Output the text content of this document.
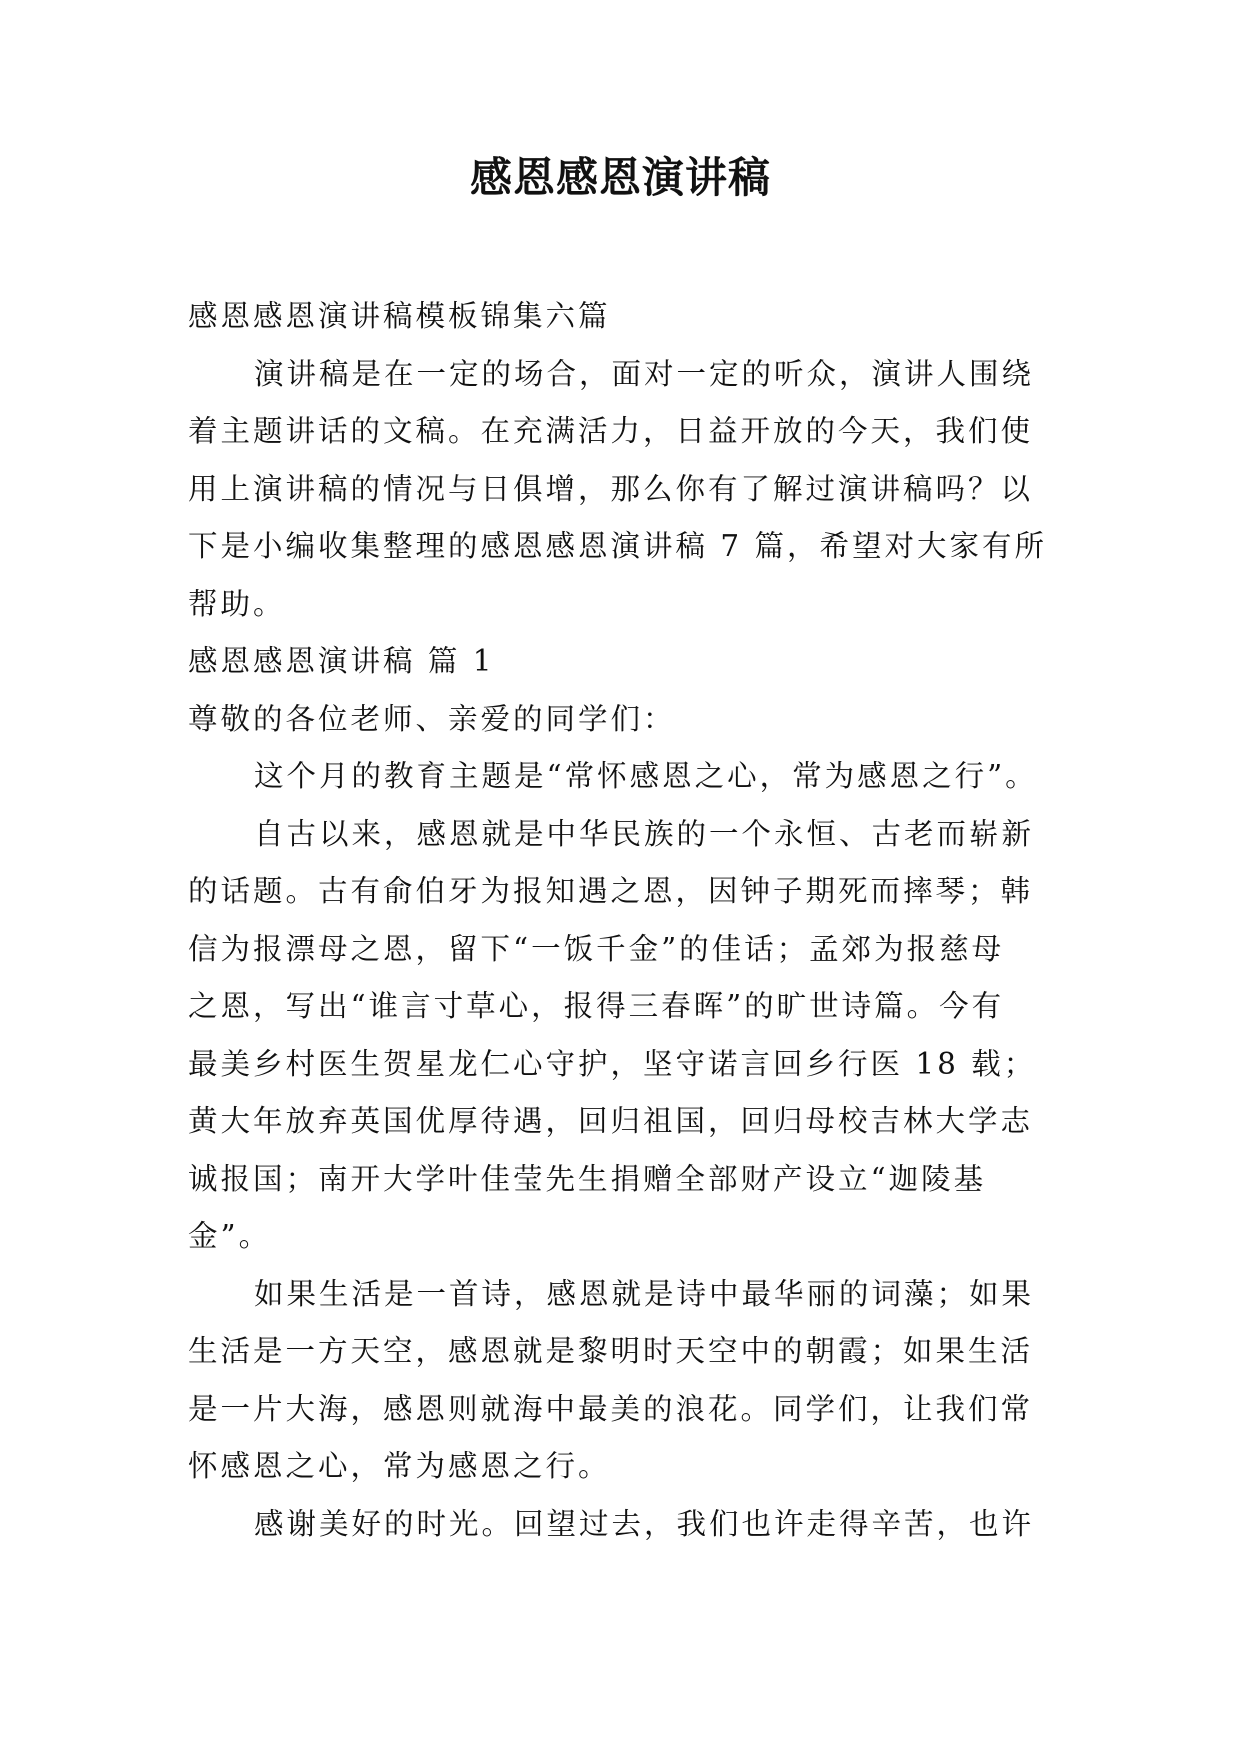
感恩感恩演讲稿
感恩感恩演讲稿模板锦集六篇
演讲稿是在一定的场合，面对一定的听众，演讲人围绕
着主题讲话的文稿。在充满活力，日益开放的今天，我们使
用上演讲稿的情况与日俱增，那么你有了解过演讲稿吗？以
下是小编收集整理的感恩感恩演讲稿 7 篇，希望对大家有所
帮助。
感恩感恩演讲稿 篇 1
尊敬的各位老师、亲爱的同学们：
这个月的教育主题是“常怀感恩之心，常为感恩之行”。
自古以来，感恩就是中华民族的一个永恒、古老而崭新
的话题。古有俞伯牙为报知遇之恩，因钟子期死而摔琴；韩
信为报漂母之恩，留下“一饭千金”的佳话；孟郊为报慈母
之恩，写出“谁言寸草心，报得三春晖”的旷世诗篇。今有
最美乡村医生贺星龙仁心守护，坚守诺言回乡行医 18 载；
黄大年放弃英国优厚待遇，回归祖国，回归母校吉林大学志
诚报国；南开大学叶佳莹先生捐赠全部财产设立“迦陵基
金”。
如果生活是一首诗，感恩就是诗中最华丽的词藻；如果
生活是一方天空，感恩就是黎明时天空中的朝霞；如果生活
是一片大海，感恩则就海中最美的浪花。同学们，让我们常
怀感恩之心，常为感恩之行。
感谢美好的时光。回望过去，我们也许走得辛苦，也许
